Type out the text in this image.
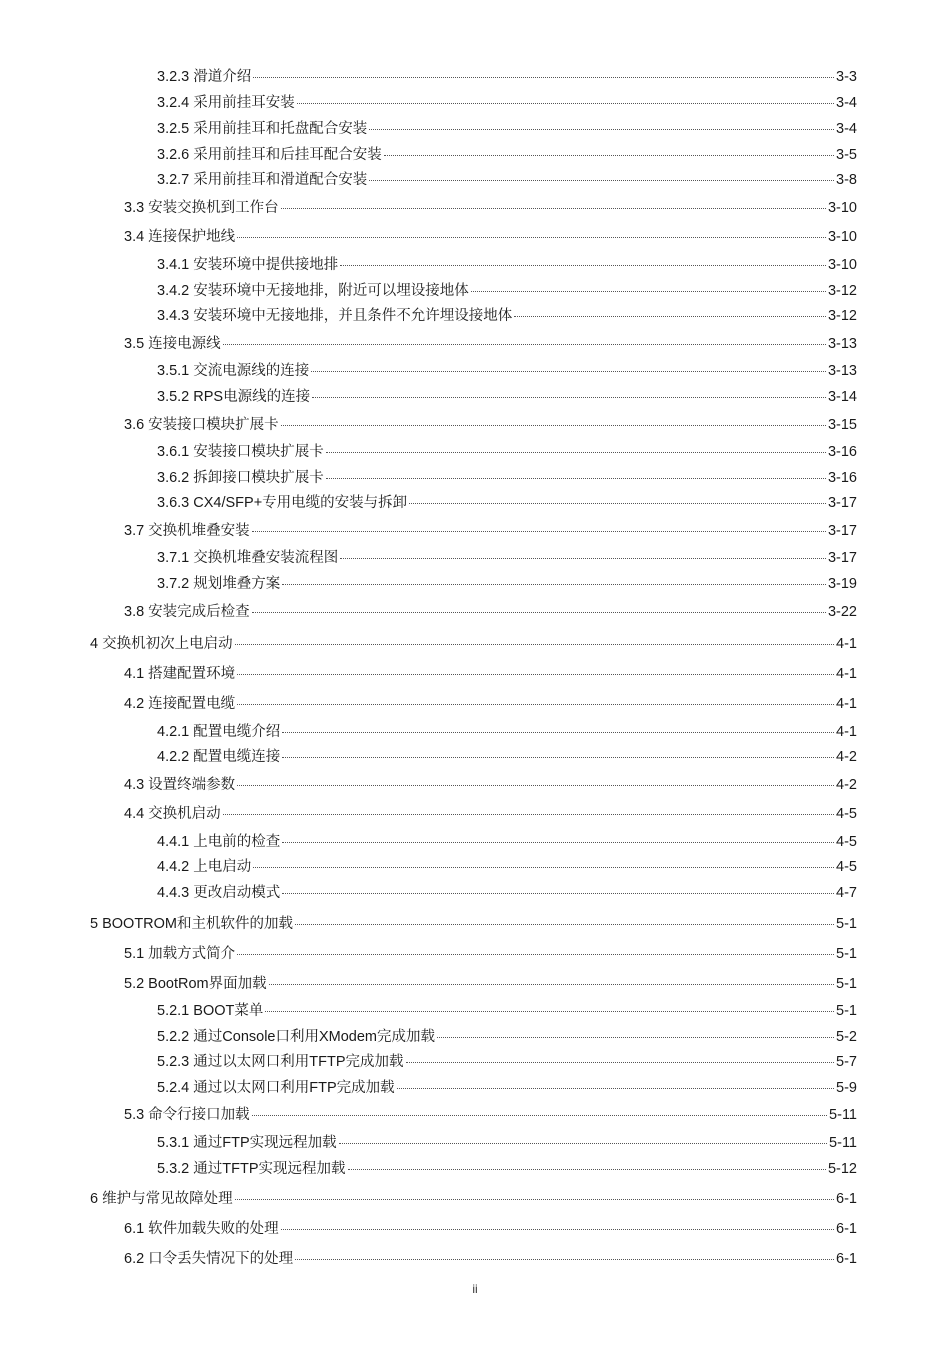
3.2.3 滑道介绍	3-3
3.2.4 采用前挂耳安装	3-4
3.2.5 采用前挂耳和托盘配合安装	3-4
3.2.6 采用前挂耳和后挂耳配合安装	3-5
3.2.7 采用前挂耳和滑道配合安装	3-8
3.3 安装交换机到工作台	3-10
3.4 连接保护地线	3-10
3.4.1 安装环境中提供接地排	3-10
3.4.2 安装环境中无接地排，附近可以埋设接地体	3-12
3.4.3 安装环境中无接地排，并且条件不允许埋设接地体	3-12
3.5 连接电源线	3-13
3.5.1 交流电源线的连接	3-13
3.5.2 RPS电源线的连接	3-14
3.6 安装接口模块扩展卡	3-15
3.6.1 安装接口模块扩展卡	3-16
3.6.2 拆卸接口模块扩展卡	3-16
3.6.3 CX4/SFP+专用电缆的安装与拆卸	3-17
3.7 交换机堆叠安装	3-17
3.7.1 交换机堆叠安装流程图	3-17
3.7.2 规划堆叠方案	3-19
3.8 安装完成后检查	3-22
4 交换机初次上电启动	4-1
4.1 搭建配置环境	4-1
4.2 连接配置电缆	4-1
4.2.1 配置电缆介绍	4-1
4.2.2 配置电缆连接	4-2
4.3 设置终端参数	4-2
4.4 交换机启动	4-5
4.4.1 上电前的检查	4-5
4.4.2 上电启动	4-5
4.4.3 更改启动模式	4-7
5 BOOTROM和主机软件的加载	5-1
5.1 加载方式简介	5-1
5.2 BootRom界面加载	5-1
5.2.1 BOOT菜单	5-1
5.2.2 通过Console口利用XModem完成加载	5-2
5.2.3 通过以太网口利用TFTP完成加载	5-7
5.2.4 通过以太网口利用FTP完成加载	5-9
5.3 命令行接口加载	5-11
5.3.1 通过FTP实现远程加载	5-11
5.3.2 通过TFTP实现远程加载	5-12
6 维护与常见故障处理	6-1
6.1 软件加载失败的处理	6-1
6.2 口令丢失情况下的处理	6-1
ii
